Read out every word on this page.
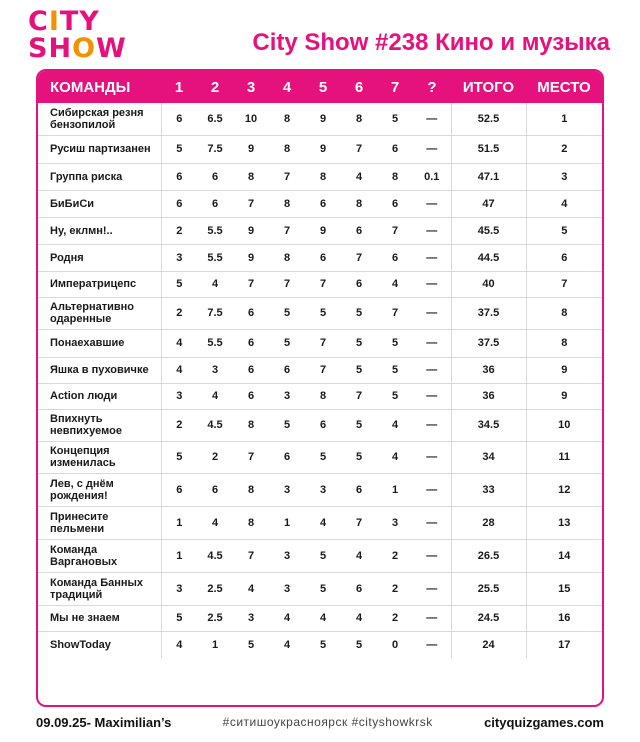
C I T Y
S H O W	City Show #238 Кино и музыка
КОМАНДЫ	1	2	3	4	5	6	7	?	ИТОГО	МЕСТО
Сибирская резня бензопилой	6	6.5	10	8	9	8	5	—	52.5	1
Русиш партизанен	5	7.5	9	8	9	7	6	—	51.5	2
Группа риска	6	6	8	7	8	4	8	0.1	47.1	3
БиБиСи	6	6	7	8	6	8	6	—	47	4
Ну, еклмн!..	2	5.5	9	7	9	6	7	—	45.5	5
Родня	3	5.5	9	8	6	7	6	—	44.5	6
Императрицепс	5	4	7	7	7	6	4	—	40	7
Альтернативно одаренные	2	7.5	6	5	5	5	7	—	37.5	8
Понаехавшие	4	5.5	6	5	7	5	5	—	37.5	8
Яшка в пуховичке	4	3	6	6	7	5	5	—	36	9
Action люди	3	4	6	3	8	7	5	—	36	9
Впихнуть невпихуемое	2	4.5	8	5	6	5	4	—	34.5	10
Концепция изменилась	5	2	7	6	5	5	4	—	34	11
Лев, с днём рождения!	6	6	8	3	3	6	1	—	33	12
Принесите пельмени	1	4	8	1	4	7	3	—	28	13
Команда Варгановых	1	4.5	7	3	5	4	2	—	26.5	14
Команда Банных традиций	3	2.5	4	3	5	6	2	—	25.5	15
Мы не знаем	5	2.5	3	4	4	4	2	—	24.5	16
ShowToday	4	1	5	4	5	5	0	—	24	17
09.09.25- Maximilian’s	#ситишоукрасноярск #cityshowkrsk	cityquizgames.com
